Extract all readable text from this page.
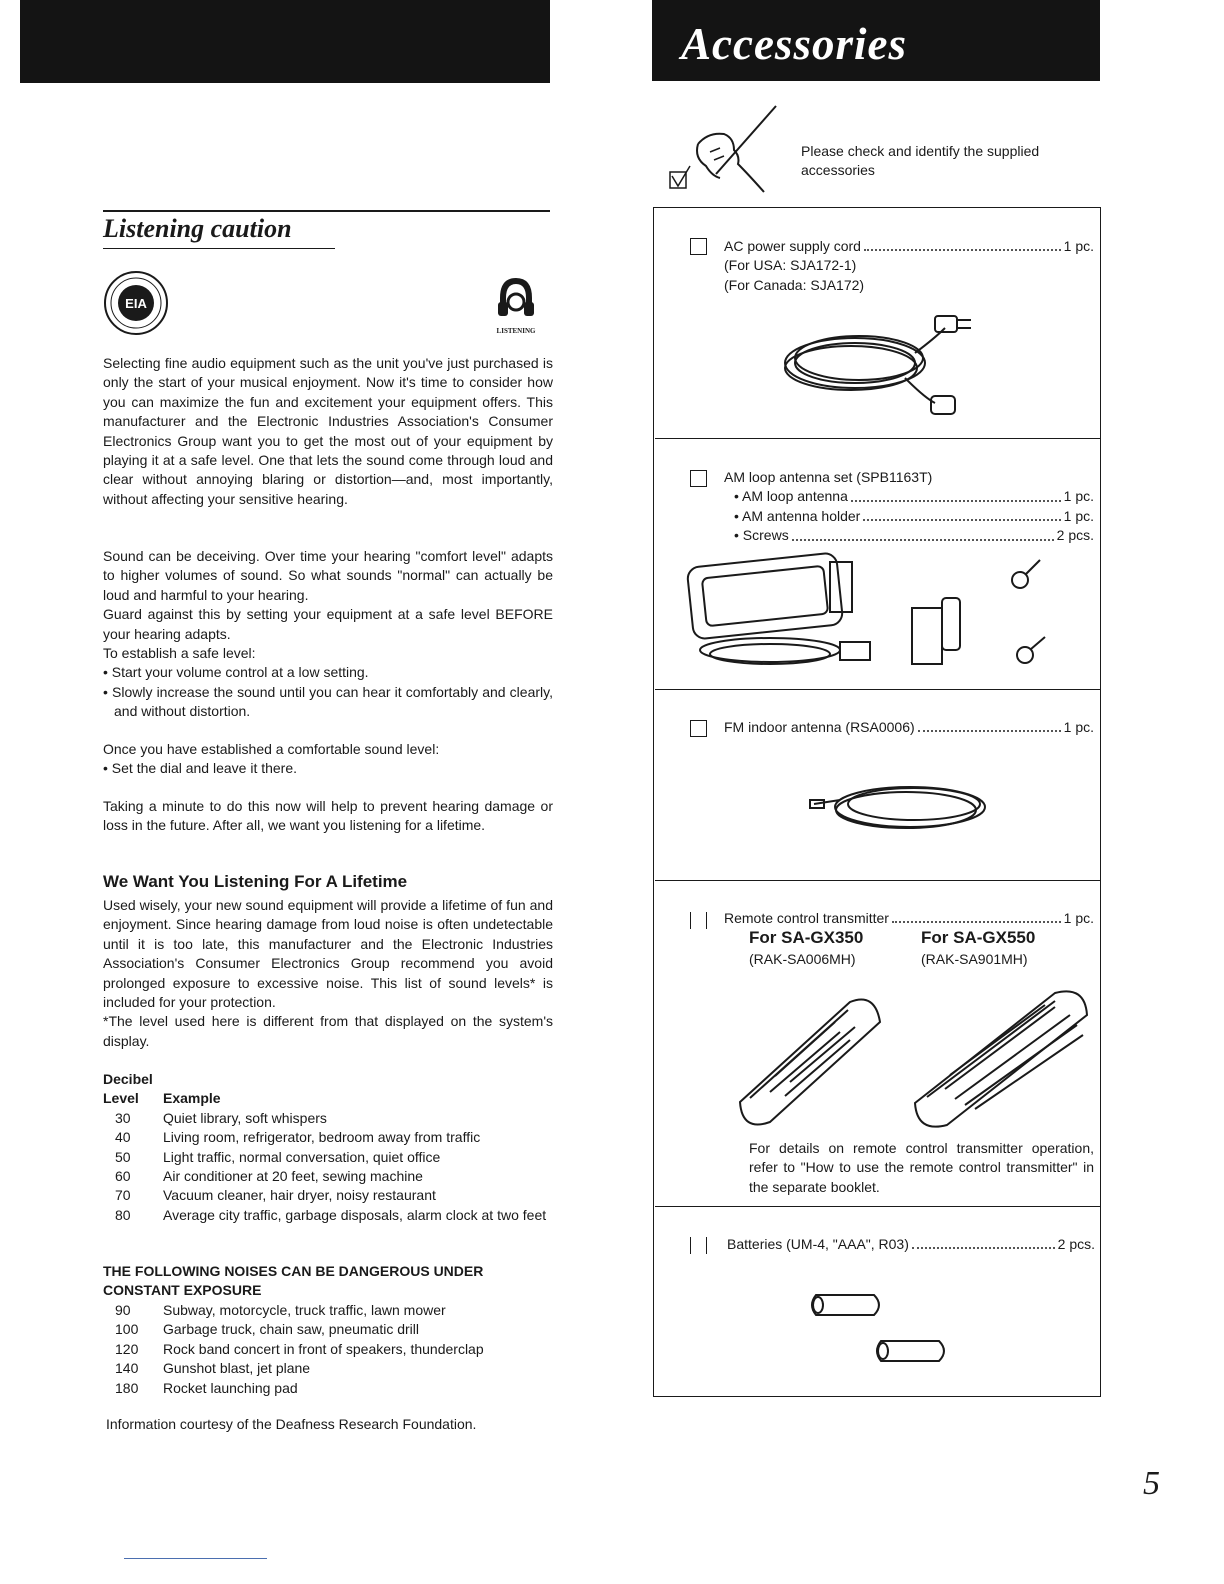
Accessories
Listening caution
EIA
LISTENING

Selecting fine audio equipment such as the unit you've just purchased is only the start of your musical enjoyment. Now it's time to consider how you can maximize the fun and excitement your equipment offers. This manufacturer and the Electronic Industries Association's Consumer Electronics Group want you to get the most out of your equipment by playing it at a safe level. One that lets the sound come through loud and clear without annoying blaring or distortion—and, most importantly, without affecting your sensitive hearing.

Sound can be deceiving. Over time your hearing "comfort level" adapts to higher volumes of sound. So what sounds "normal" can actually be loud and harmful to your hearing.

Guard against this by setting your equipment at a safe level BEFORE your hearing adapts.

To establish a safe level:

• Start your volume control at a low setting.

• Slowly increase the sound until you can hear it comfortably and clearly, and without distortion.

Once you have established a comfortable sound level:

• Set the dial and leave it there.

Taking a minute to do this now will help to prevent hearing damage or loss in the future. After all, we want you listening for a lifetime.

We Want You Listening For A Lifetime

Used wisely, your new sound equipment will provide a lifetime of fun and enjoyment. Since hearing damage from loud noise is often undetectable until it is too late, this manufacturer and the Electronic Industries Association's Consumer Electronics Group recommend you avoid prolonged exposure to excessive noise. This list of sound levels* is included for your protection.

*The level used here is different from that displayed on the system's display.

Decibel
Level	Example
30	Quiet library, soft whispers
40	Living room, refrigerator, bedroom away from traffic
50	Light traffic, normal conversation, quiet office
60	Air conditioner at 20 feet, sewing machine
70	Vacuum cleaner, hair dryer, noisy restaurant
80	Average city traffic, garbage disposals, alarm clock at two feet

THE FOLLOWING NOISES CAN BE DANGEROUS UNDER CONSTANT EXPOSURE

90	Subway, motorcycle, truck traffic, lawn mower
100	Garbage truck, chain saw, pneumatic drill
120	Rock band concert in front of speakers, thunderclap
140	Gunshot blast, jet plane
180	Rocket launching pad

Information courtesy of the Deafness Research Foundation.

Please check and identify the supplied accessories

AC power supply cord	1 pc.
(For USA: SJA172-1)
(For Canada: SJA172)
AM loop antenna set (SPB1163T)
• AM loop antenna	1 pc.
• AM antenna holder	1 pc.
• Screws	2 pcs.
FM indoor antenna (RSA0006)	1 pc.
Remote control transmitter	1 pc.
For SA-GX350
(RAK-SA006MH)
For SA-GX550
(RAK-SA901MH)

For details on remote control transmitter operation, refer to "How to use the remote control transmitter" in the separate booklet.

Batteries (UM-4, "AAA", R03)	2 pcs.

5
